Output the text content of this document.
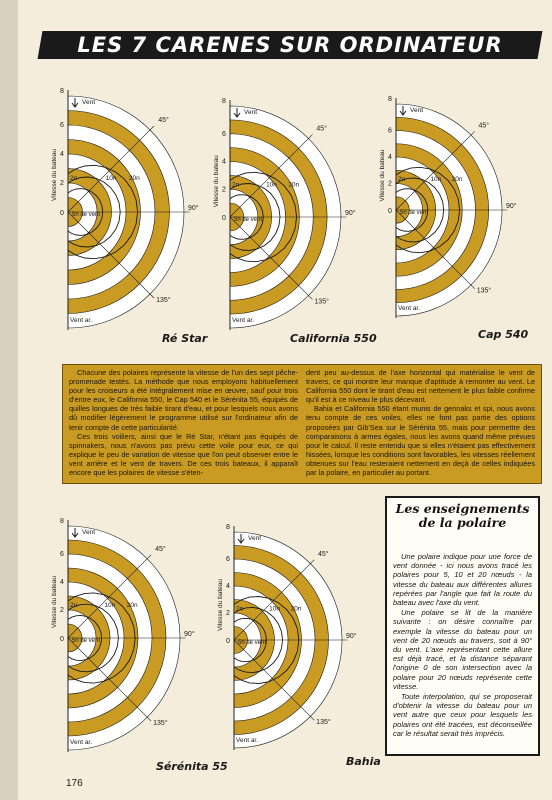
LES 7 CARENES SUR ORDINATEUR
8
6
4
2
0
Vitesse du bateau
Vent
45°
90°
135°
Vent ar.
5n de vent
10n 20n
2n
8
6
4
2
0
Vitesse du bateau
Vent
45°
90°
135°
Vent ar.
5n de vent
10n 20n
2n
8
6
4
2
0
Vitesse du bateau
Vent
45°
90°
135°
Vent ar.
5n de vent
10n 20n
2n
8
6
4
2
0
Vitesse du bateau
Vent
45°
90°
135°
Vent ar.
5n de vent
10n 20n
2n
8
6
4
2
0
Vitesse du bateau
Vent
45°
90°
135°
Vent ar.
5n de vent
10n 20n
2n
Ré Star	California 550	Cap 540
Sérénita 55	Bahia

Chacune des polaires représente la vitesse de l'un des sept pêche-promenade testés. La méthode que nous employons habituellement pour les croiseurs a été intégralement mise en œuvre, sauf pour trois d'entre eux, le California 550, le Cap 540 et le Sérénita 55, équipés de quilles longues de très faible tirant d'eau, et pour lesquels nous avons dû modifier légèrement le programme utilisé sur l'ordinateur afin de tenir compte de cette particularité.

Ces trois voiliers, ainsi que le Ré Star, n'étant pas équipés de spinnakers, nous n'avons pas prévu cette voile pour eux, ce qui explique le peu de variation de vitesse que l'on peut observer entre le vent arrière et le vent de travers. De ces trois bateaux, il apparaît encore que les polaires de vitesse s'éten-

dent peu au-dessus de l'axe horizontal qui matérialise le vent de travers, ce qui montre leur manque d'aptitude à remonter au vent. Le California 550 dont le tirant d'eau est nettement le plus faible confirme qu'il est à ce niveau le plus décevant.

Bahia et California 550 étant munis de gennaks et spi, nous avons tenu compte de ces voiles, elles ne font pas partie des options proposées par Gib'Sea sur le Sérénita 55, mais pour permettre des comparaisons à armes égales, nous les avons quand même prévues pour le calcul. Il reste entendu que si elles n'étaient pas effectivement hissées, lorsque les conditions sont favorables, les vitesses réellement obtenues sur l'eau resteraient nettement en deçà de celles indiquées par la polaire, en particulier au portant.

Les enseignements de la polaire

Une polaire indique pour une force de vent donnée - ici nous avons tracé les polaires pour 5, 10 et 20 nœuds - la vitesse du bateau aux différentes allures repérées par l'angle que fait la route du bateau avec l'axe du vent.

Une polaire se lit de la manière suivante : on désire connaître par exemple la vitesse du bateau pour un vent de 20 nœuds au travers, soit à 90° du vent. L'axe représentant cette allure est déjà tracé, et la distance séparant l'origine 0 de son intersection avec la polaire pour 20 nœuds représente cette vitesse.

Toute interpolation, qui se proposerait d'obtenir la vitesse du bateau pour un vent autre que ceux pour lesquels les polaires ont été tracées, est déconseillée car le résultat serait très imprécis.

176
